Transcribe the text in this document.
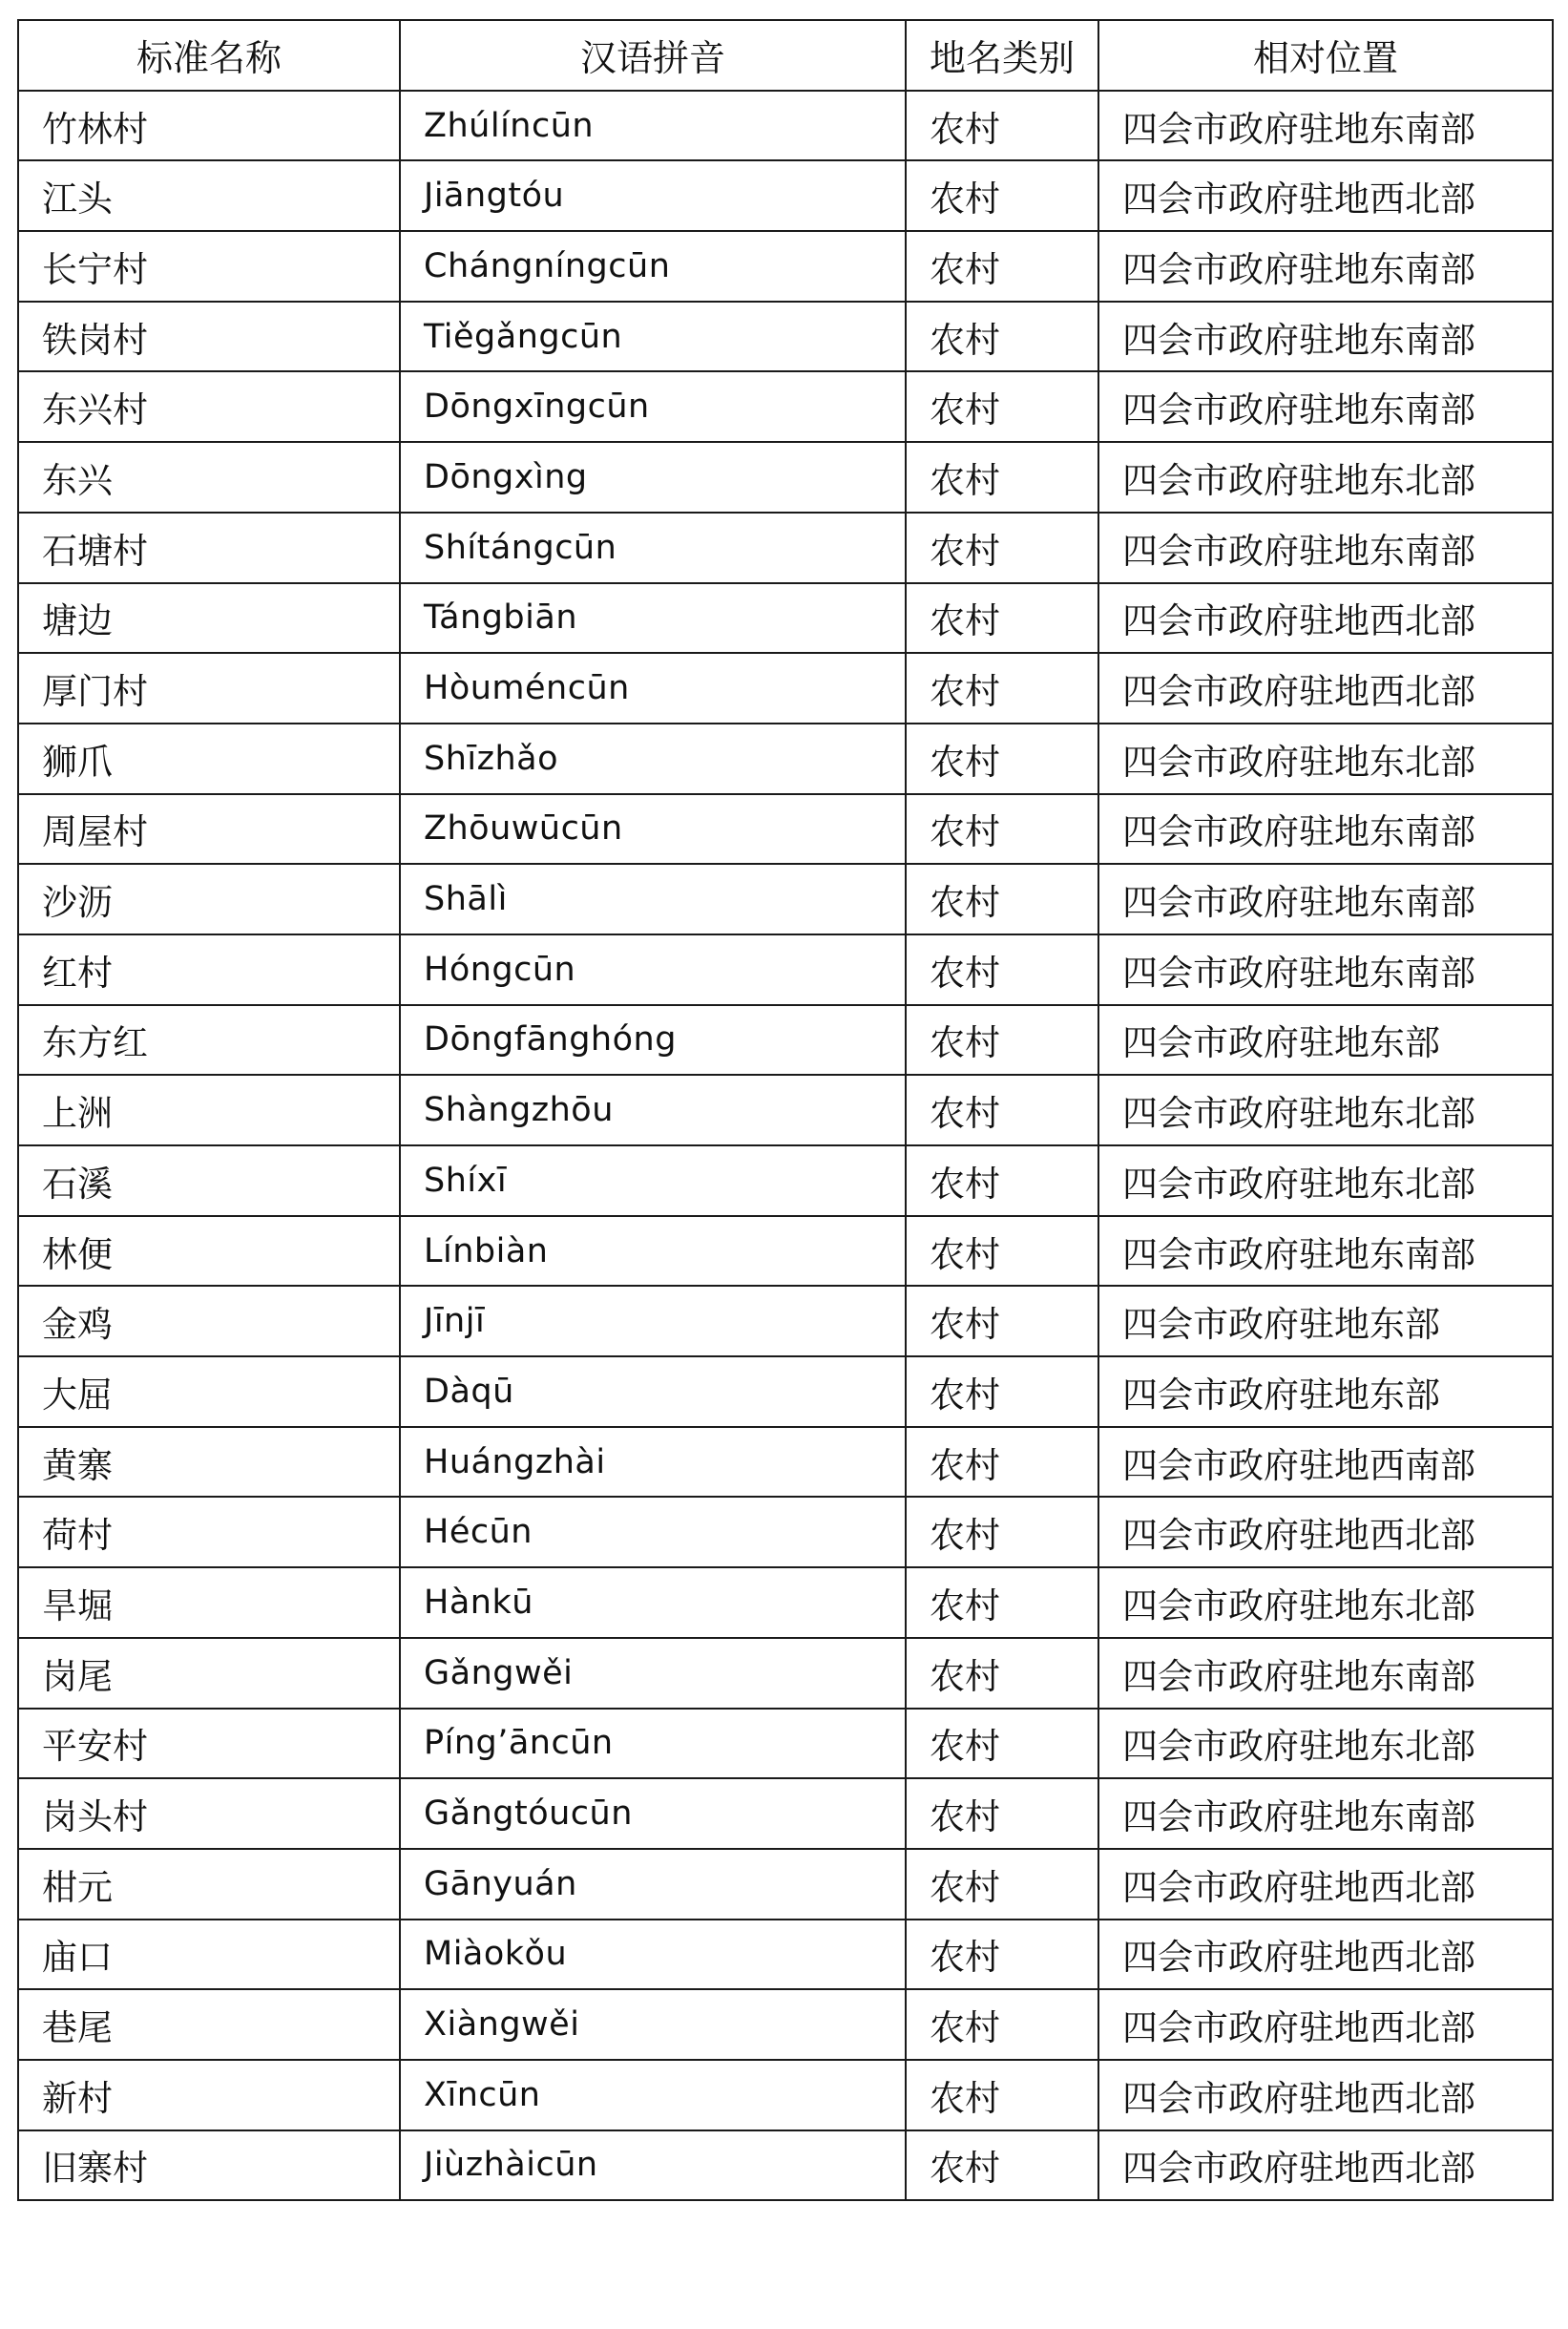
标准名称	汉语拼音	地名类别	相对位置
竹林村	Zhúlíncūn	农村	四会市政府驻地东南部
江头	Jiāngtóu	农村	四会市政府驻地西北部
长宁村	Chángníngcūn	农村	四会市政府驻地东南部
铁岗村	Tiěgǎngcūn	农村	四会市政府驻地东南部
东兴村	Dōngxīngcūn	农村	四会市政府驻地东南部
东兴	Dōngxìng	农村	四会市政府驻地东北部
石塘村	Shítángcūn	农村	四会市政府驻地东南部
塘边	Tángbiān	农村	四会市政府驻地西北部
厚门村	Hòuméncūn	农村	四会市政府驻地西北部
狮爪	Shīzhǎo	农村	四会市政府驻地东北部
周屋村	Zhōuwūcūn	农村	四会市政府驻地东南部
沙沥	Shālì	农村	四会市政府驻地东南部
红村	Hóngcūn	农村	四会市政府驻地东南部
东方红	Dōngfānghóng	农村	四会市政府驻地东部
上洲	Shàngzhōu	农村	四会市政府驻地东北部
石溪	Shíxī	农村	四会市政府驻地东北部
林便	Línbiàn	农村	四会市政府驻地东南部
金鸡	Jīnjī	农村	四会市政府驻地东部
大屈	Dàqū	农村	四会市政府驻地东部
黄寨	Huángzhài	农村	四会市政府驻地西南部
荷村	Hécūn	农村	四会市政府驻地西北部
旱堀	Hànkū	农村	四会市政府驻地东北部
岗尾	Gǎngwěi	农村	四会市政府驻地东南部
平安村	Píng’āncūn	农村	四会市政府驻地东北部
岗头村	Gǎngtóucūn	农村	四会市政府驻地东南部
柑元	Gānyuán	农村	四会市政府驻地西北部
庙口	Miàokǒu	农村	四会市政府驻地西北部
巷尾	Xiàngwěi	农村	四会市政府驻地西北部
新村	Xīncūn	农村	四会市政府驻地西北部
旧寨村	Jiùzhàicūn	农村	四会市政府驻地西北部
